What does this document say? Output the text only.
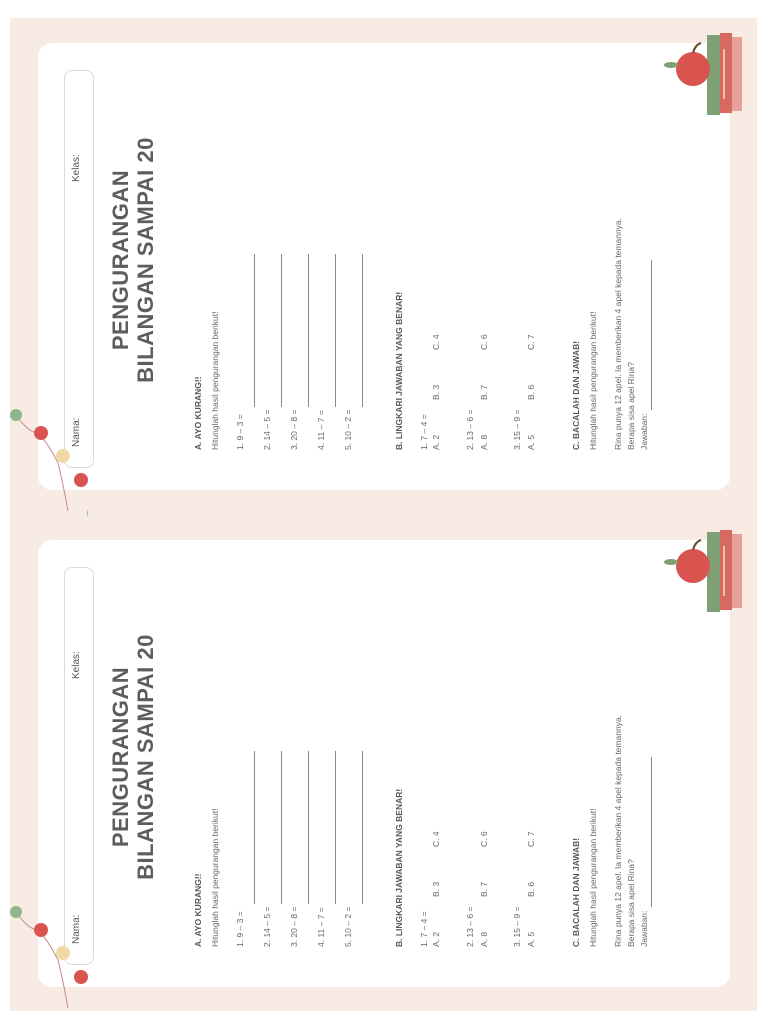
Nama:
Kelas:
PENGURANGAN BILANGAN SAMPAI 20
A. AYO KURANG!! Hitunglah hasil pengurangan berikut! 1. 9 – 3 = 2. 14 – 5 = 3. 20 – 8 = 4. 11 – 7 = 5. 10 – 2 =	B. LINGKARI JAWABAN YANG BENAR! 1. 7 – 4 = A. 2
B. 3
C. 4
2. 13 – 6 = A. 8
B. 7
C. 6
3. 15 – 9 = A. 5
B. 6
C. 7	C. BACALAH DAN JAWAB! Hitunglah hasil pengurangan berikut! Rina punya 12 apel. Ia memberikan 4 apel kepada temannya. Berapa sisa apel Rina? Jawaban:
Nama:
Kelas:
PENGURANGAN BILANGAN SAMPAI 20
A. AYO KURANG!! Hitunglah hasil pengurangan berikut! 1. 9 – 3 = 2. 14 – 5 = 3. 20 – 8 = 4. 11 – 7 = 5. 10 – 2 =	B. LINGKARI JAWABAN YANG BENAR! 1. 7 – 4 = A. 2
B. 3
C. 4
2. 13 – 6 = A. 8
B. 7
C. 6
3. 15 – 9 = A. 5
B. 6
C. 7	C. BACALAH DAN JAWAB! Hitunglah hasil pengurangan berikut! Rina punya 12 apel. Ia memberikan 4 apel kepada temannya. Berapa sisa apel Rina? Jawaban:
